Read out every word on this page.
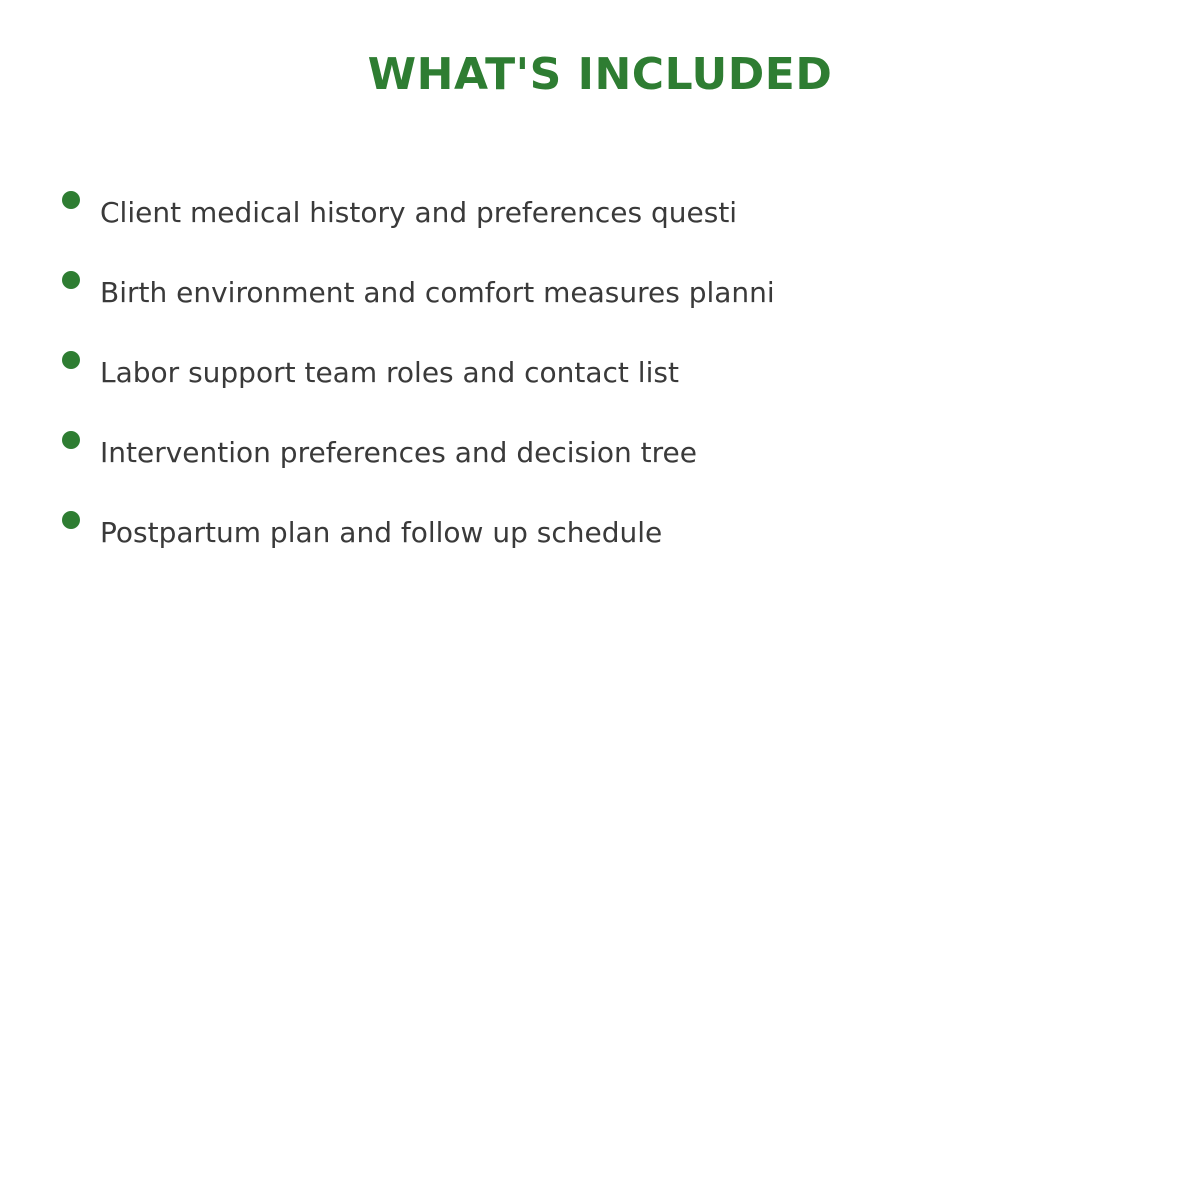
WHAT'S INCLUDED
Client medical history and preferences questi
Birth environment and comfort measures planni
Labor support team roles and contact list
Intervention preferences and decision tree
Postpartum plan and follow up schedule
